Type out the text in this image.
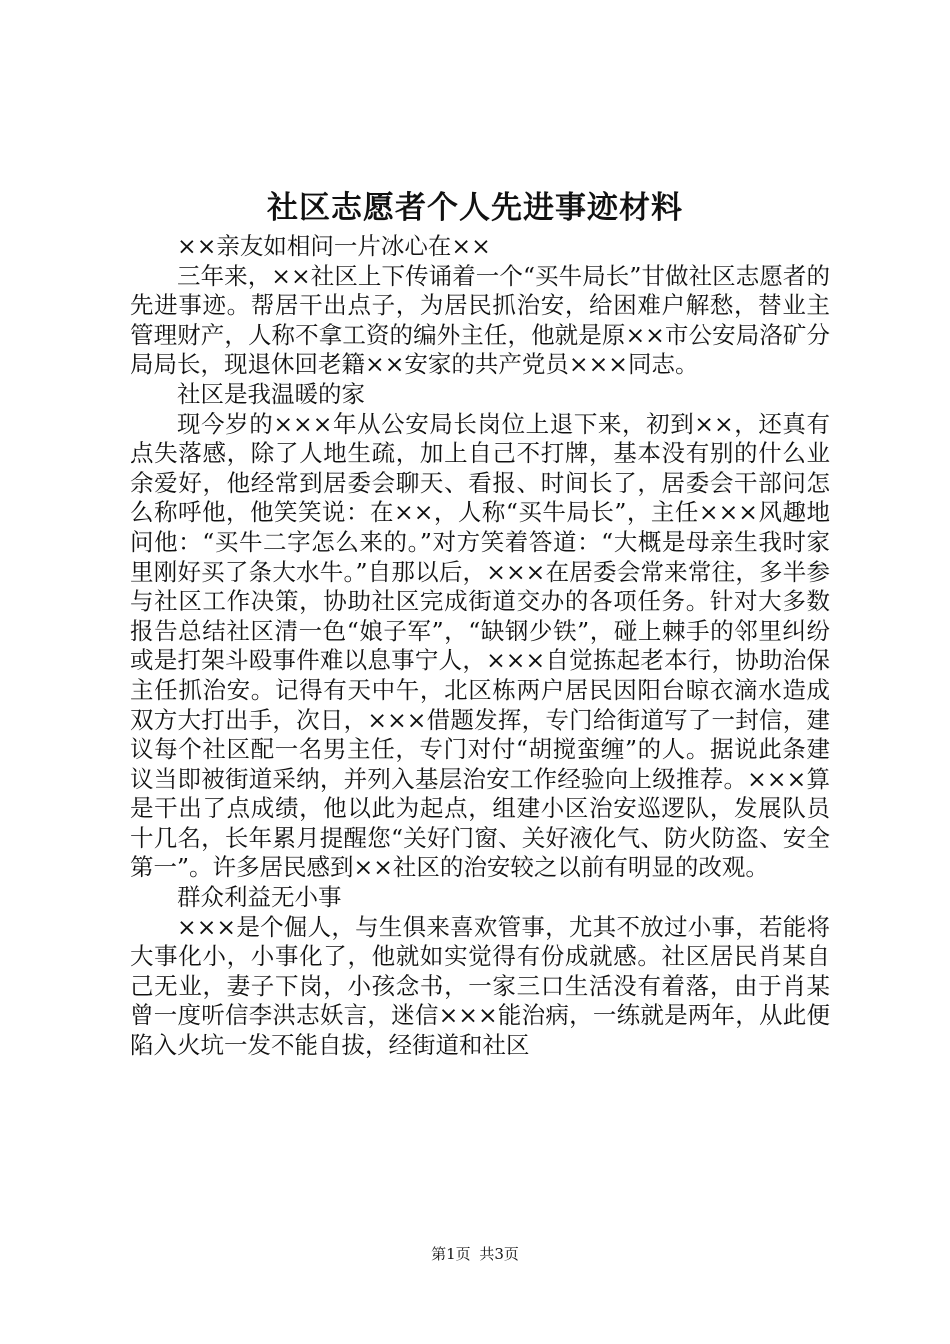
社区志愿者个人先进事迹材料

××亲友如相问一片冰心在××

三年来，××社区上下传诵着一个“买牛局长”甘做社区志愿者的先进事迹。帮居干出点子，为居民抓治安，给困难户解愁，替业主管理财产，人称不拿工资的编外主任，他就是原××市公安局洛矿分局局长，现退休回老籍××安家的共产党员×××同志。

社区是我温暖的家

现今岁的×××年从公安局长岗位上退下来，初到××，还真有点失落感，除了人地生疏，加上自己不打牌，基本没有别的什么业余爱好，他经常到居委会聊天、看报、时间长了，居委会干部问怎么称呼他，他笑笑说：在××，人称“买牛局长”，主任×××风趣地问他：“买牛二字怎么来的。”对方笑着答道：“大概是母亲生我时家里刚好买了条大水牛。”自那以后，×××在居委会常来常往，多半参与社区工作决策，协助社区完成街道交办的各项任务。针对大多数报告总结社区清一色“娘子军”，“缺钢少铁”，碰上棘手的邻里纠纷或是打架斗殴事件难以息事宁人，×××自觉拣起老本行，协助治保主任抓治安。记得有天中午，北区栋两户居民因阳台晾衣滴水造成双方大打出手，次日，×××借题发挥，专门给街道写了一封信，建议每个社区配一名男主任，专门对付“胡搅蛮缠”的人。据说此条建议当即被街道采纳，并列入基层治安工作经验向上级推荐。×××算是干出了点成绩，他以此为起点，组建小区治安巡逻队，发展队员十几名，长年累月提醒您“关好门窗、关好液化气、防火防盗、安全第一”。许多居民感到××社区的治安较之以前有明显的改观。

群众利益无小事

×××是个倔人，与生俱来喜欢管事，尤其不放过小事，若能将大事化小，小事化了，他就如实觉得有份成就感。社区居民肖某自己无业，妻子下岗，小孩念书，一家三口生活没有着落，由于肖某曾一度听信李洪志妖言，迷信×××能治病，一练就是两年，从此便陷入火坑一发不能自拔，经街道和社区

第1页 共3页
